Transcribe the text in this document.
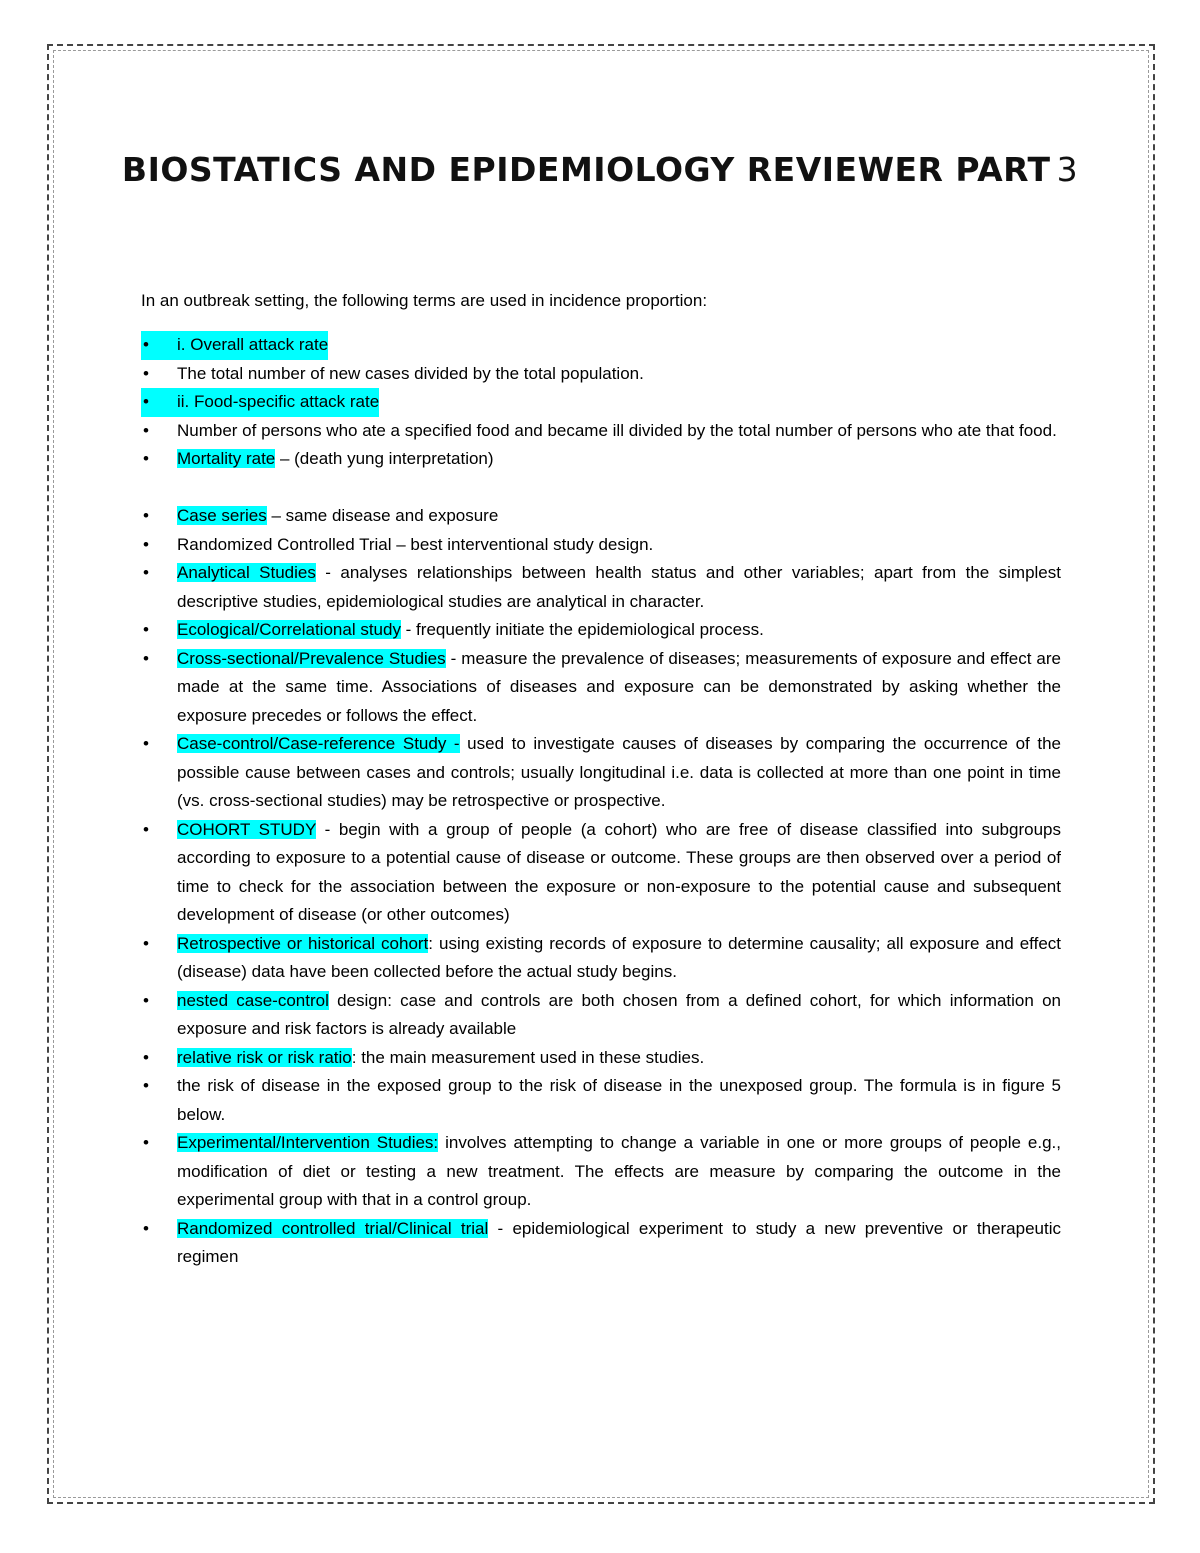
BIOSTATICS AND EPIDEMIOLOGY REVIEWER PART 3
In an outbreak setting, the following terms are used in incidence proportion:
• i. Overall attack rate
• The total number of new cases divided by the total population.
• ii. Food-specific attack rate
• Number of persons who ate a specified food and became ill divided by the total number of persons who ate that food.
• Mortality rate – (death yung interpretation)
• Case series – same disease and exposure
• Randomized Controlled Trial – best interventional study design.
• Analytical Studies - analyses relationships between health status and other variables; apart from the simplest descriptive studies, epidemiological studies are analytical in character.
• Ecological/Correlational study - frequently initiate the epidemiological process.
• Cross-sectional/Prevalence Studies - measure the prevalence of diseases; measurements of exposure and effect are made at the same time. Associations of diseases and exposure can be demonstrated by asking whether the exposure precedes or follows the effect.
• Case-control/Case-reference Study - used to investigate causes of diseases by comparing the occurrence of the possible cause between cases and controls; usually longitudinal i.e. data is collected at more than one point in time (vs. cross-sectional studies) may be retrospective or prospective.
• COHORT STUDY - begin with a group of people (a cohort) who are free of disease classified into subgroups according to exposure to a potential cause of disease or outcome. These groups are then observed over a period of time to check for the association between the exposure or non-exposure to the potential cause and subsequent development of disease (or other outcomes)
• Retrospective or historical cohort: using existing records of exposure to determine causality; all exposure and effect (disease) data have been collected before the actual study begins.
• nested case-control design: case and controls are both chosen from a defined cohort, for which information on exposure and risk factors is already available
• relative risk or risk ratio: the main measurement used in these studies.
• the risk of disease in the exposed group to the risk of disease in the unexposed group. The formula is in figure 5 below.
• Experimental/Intervention Studies: involves attempting to change a variable in one or more groups of people e.g., modification of diet or testing a new treatment. The effects are measure by comparing the outcome in the experimental group with that in a control group.
• Randomized controlled trial/Clinical trial - epidemiological experiment to study a new preventive or therapeutic regimen
